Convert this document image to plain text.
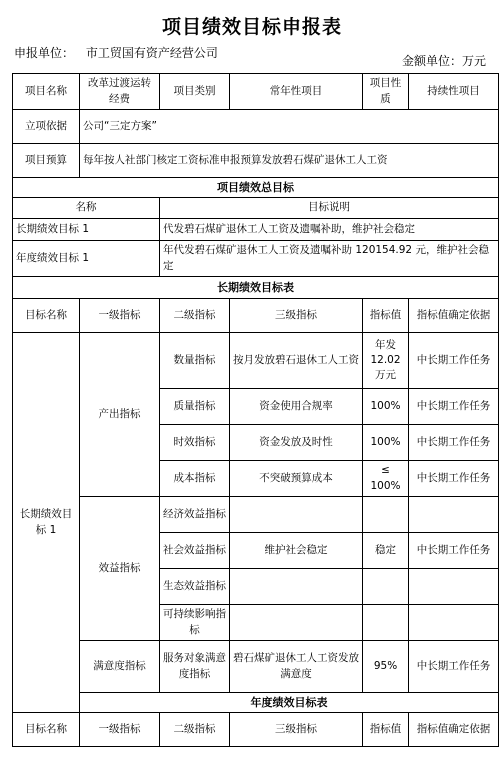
项目绩效目标申报表
申报单位： 市工贸国有资产经营公司
金额单位：万元
项目名称	改革过渡运转经费	项目类别	常年性项目	项目性质	持续性项目
立项依据	公司“三定方案”				
项目预算	每年按人社部门核定工资标准申报预算发放碧石煤矿退休工人工资				
项目绩效总目标					
名称		目标说明			
长期绩效目标 1		代发碧石煤矿退休工人工资及遗嘱补助，维护社会稳定			
年度绩效目标 1		年代发碧石煤矿退休工人工资及遗嘱补助 120154.92 元，维护社会稳定			
长期绩效目标表					
目标名称	一级指标	二级指标	三级指标	指标值	指标值确定依据
长期绩效目标 1	产出指标	数量指标	按月发放碧石退休工人工资	年发 12.02 万元	中长期工作任务
		质量指标	资金使用合规率	100%	中长期工作任务
		时效指标	资金发放及时性	100%	中长期工作任务
		成本指标	不突破预算成本	≤ 100%	中长期工作任务
	效益指标	经济效益指标			
		社会效益指标	维护社会稳定	稳定	中长期工作任务
		生态效益指标			
		可持续影响指标			
	满意度指标	服务对象满意度指标	碧石煤矿退休工人工资发放满意度	95%	中长期工作任务
	年度绩效目标表				
目标名称	一级指标	二级指标	三级指标	指标值	指标值确定依据
